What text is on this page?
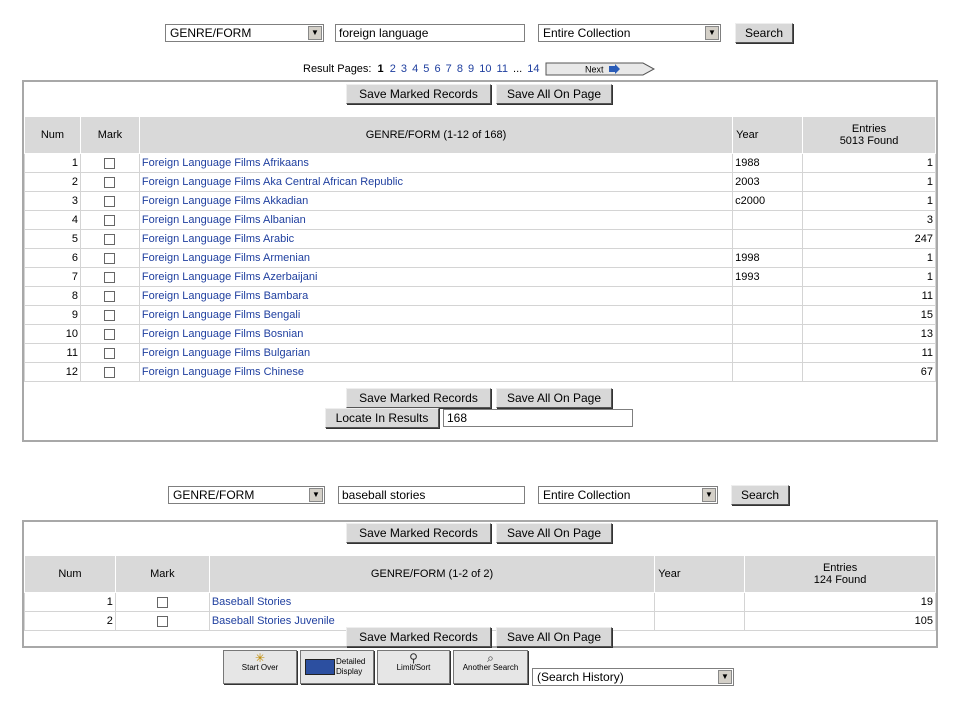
GENRE/FORM	▼	foreign language	Entire Collection	▼	Search
Result Pages: 1 2 3 4 5 6 7 8 9 10 11 ... 14	Next
Save Marked Records	Save All On Page
Num	Mark	GENRE/FORM (1-12 of 168)	Year	Entries
5013 Found
1		Foreign Language Films Afrikaans	1988	1
2		Foreign Language Films Aka Central African Republic	2003	1
3		Foreign Language Films Akkadian	c2000	1
4		Foreign Language Films Albanian		3
5		Foreign Language Films Arabic		247
6		Foreign Language Films Armenian	1998	1
7		Foreign Language Films Azerbaijani	1993	1
8		Foreign Language Films Bambara		11
9		Foreign Language Films Bengali		15
10		Foreign Language Films Bosnian		13
11		Foreign Language Films Bulgarian		11
12		Foreign Language Films Chinese		67
Save Marked Records	Save All On Page
Locate In Results	168
GENRE/FORM	▼	baseball stories	Entire Collection	▼	Search
Save Marked Records	Save All On Page
Num	Mark	GENRE/FORM (1-2 of 2)	Year	Entries
124 Found
1		Baseball Stories		19
2		Baseball Stories Juvenile		105
Save Marked Records	Save All On Page
✳
Start Over
Detailed
Display
⚲
Limit/Sort
⌕
Another Search
(Search History)	▼
